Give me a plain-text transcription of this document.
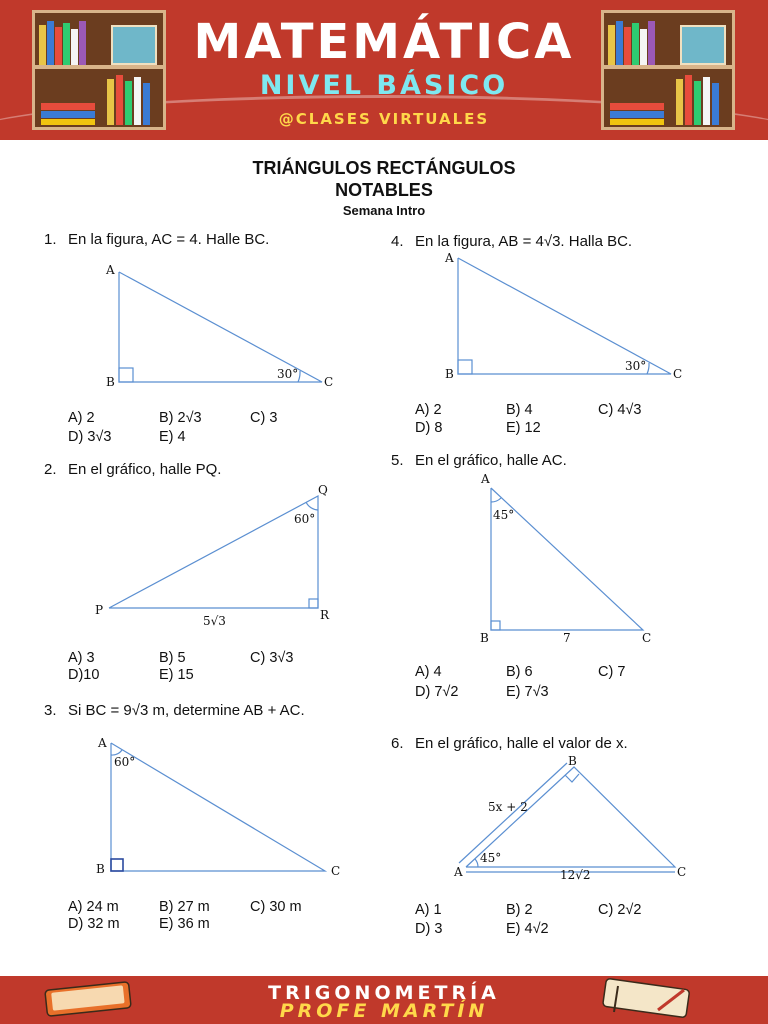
MATEMÁTICA
NIVEL BÁSICO
@CLASES VIRTUALES
TRIÁNGULOS RECTÁNGULOS
NOTABLES
Semana Intro
1. En la figura, AC = 4. Halle BC.
A
B	C
30°
A) 2	B) 2√3	C) 3
D) 3√3	E) 4
2. En el gráfico, halle PQ.
P
Q
R
60°
5√3
A) 3	B) 5	C) 3√3
D)10	E) 15
3. Si BC = 9√3 m, determine AB + AC.
A
B	C
60°
A) 24 m	B) 27 m	C) 30 m
D) 32 m	E) 36 m
4. En la figura, AB = 4√3. Halla BC.
A
B	C
30°
A) 2	B) 4	C) 4√3
D) 8	E) 12
5. En el gráfico, halle AC.
A
B	C
45°
7
A) 4	B) 6	C) 7
D) 7√2	E) 7√3
6. En el gráfico, halle el valor de x.
B
A	C
45°
5x + 2
12√2
A) 1	B) 2	C) 2√2
D) 3	E) 4√2
TRIGONOMETRÍA
PROFE MARTÍN
